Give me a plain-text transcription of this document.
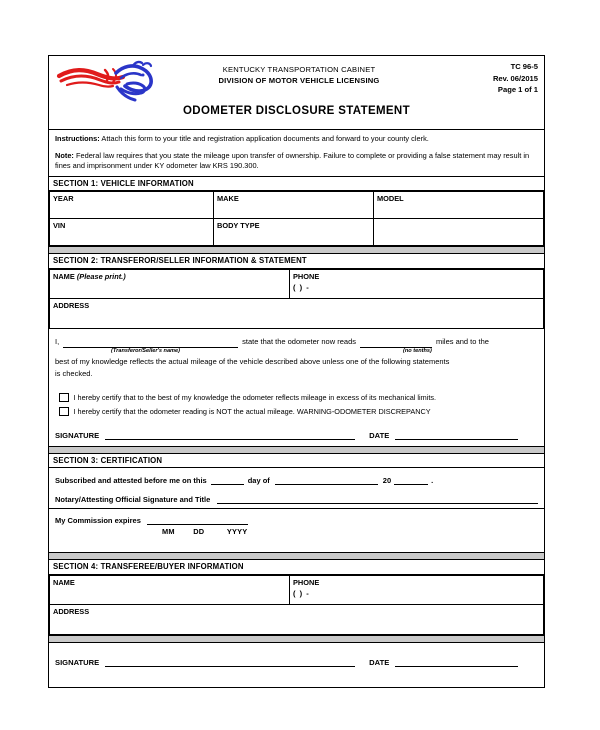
KENTUCKY TRANSPORTATION CABINET
DIVISION OF MOTOR VEHICLE LICENSING
TC 96-5
Rev. 06/2015
Page 1 of 1
ODOMETER DISCLOSURE STATEMENT

Instructions: Attach this form to your title and registration application documents and forward to your county clerk.

Note: Federal law requires that you state the mileage upon transfer of ownership. Failure to complete or providing a false statement may result in fines and imprisonment under KY odometer law KRS 190.300.

SECTION 1: VEHICLE INFORMATION
YEAR	MAKE	MODEL
VIN	BODY TYPE	
SECTION 2: TRANSFEROR/SELLER INFORMATION & STATEMENT
NAME (Please print.)	PHONE
( ) -

ADDRESS
I,	state that the odometer now reads	miles and to the
(Transferor/Seller's name)	(no tenths)
best of my knowledge reflects the actual mileage of the vehicle described above unless one of the following statements
is checked.
I hereby certify that to the best of my knowledge the odometer reflects mileage in excess of its mechanical limits.
I hereby certify that the odometer reading is NOT the actual mileage. WARNING-ODOMETER DISCREPANCY
SIGNATURE	DATE
SECTION 3: CERTIFICATION
Subscribed and attested before me on this	day of	20	.
Notary/Attesting Official Signature and Title
My Commission expires
MM	DD	YYYY
SECTION 4: TRANSFEREE/BUYER INFORMATION
NAME	PHONE
( ) -

ADDRESS
SIGNATURE	DATE
